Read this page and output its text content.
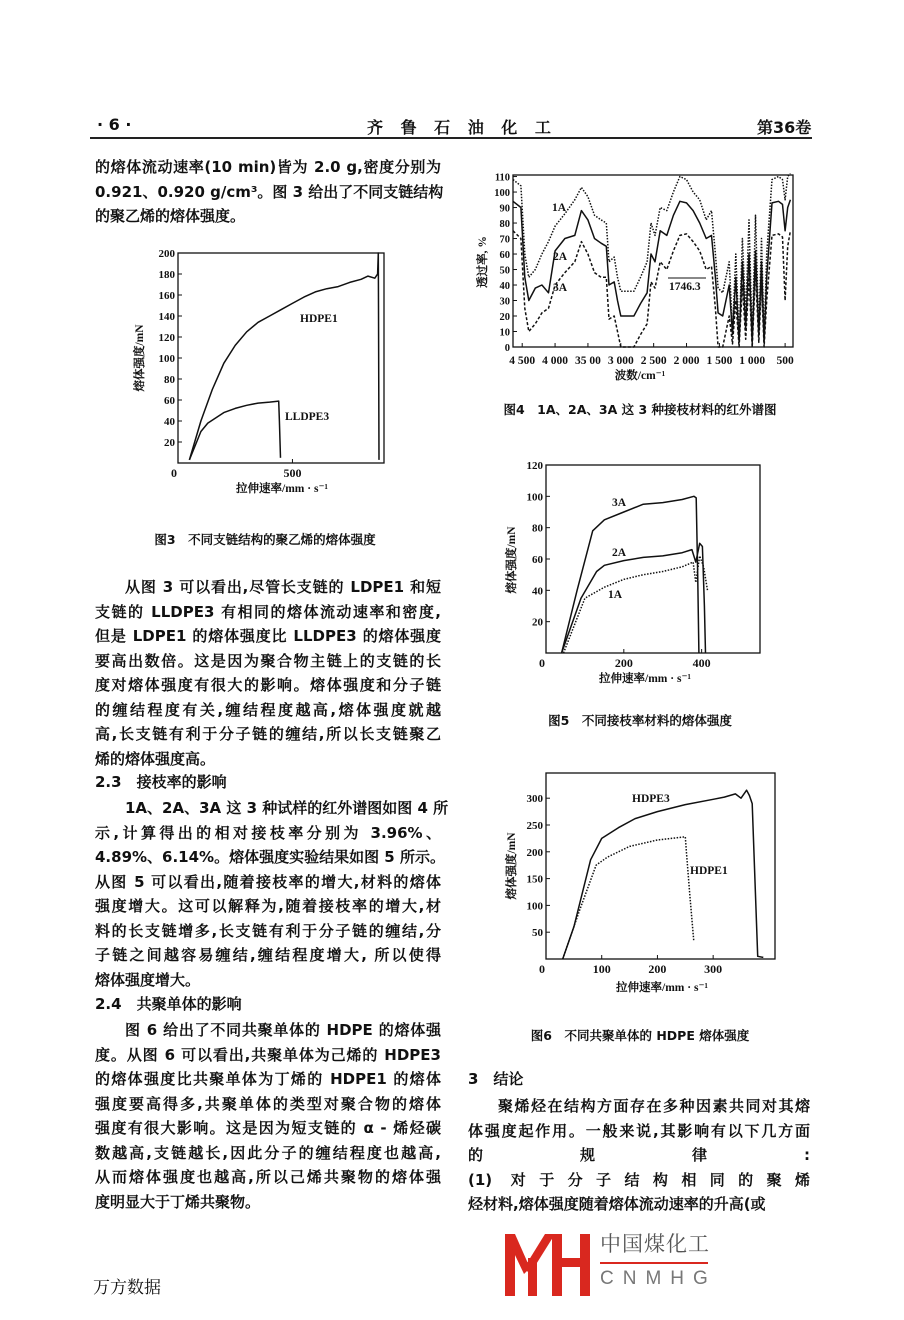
· 6 ·	齐 鲁 石 油 化 工	第36卷
的熔体流动速率(10 min)皆为 2.0 g,密度分别为
0.921、0.920 g/cm³。图 3 给出了不同支链结构
的聚乙烯的熔体强度。
从图 3 可以看出,尽管长支链的 LDPE1 和短
支链的 LLDPE3 有相同的熔体流动速率和密度,
但是 LDPE1 的熔体强度比 LLDPE3 的熔体强度
要高出数倍。这是因为聚合物主链上的支链的长
度对熔体强度有很大的影响。熔体强度和分子链
的缠结程度有关,缠结程度越高,熔体强度就越
高,长支链有利于分子链的缠结,所以长支链聚乙
烯的熔体强度高。
2.3　接枝率的影响
1A、2A、3A 这 3 种试样的红外谱图如图 4 所
示,计算得出的相对接枝率分别为 3.96%、
4.89%、6.14%。熔体强度实验结果如图 5 所示。
从图 5 可以看出,随着接枝率的增大,材料的熔体
强度增大。这可以解释为,随着接枝率的增大,材
料的长支链增多,长支链有利于分子链的缠结,分
子链之间越容易缠结,缠结程度增大, 所以使得
熔体强度增大。
2.4　共聚单体的影响
图 6 给出了不同共聚单体的 HDPE 的熔体强
度。从图 6 可以看出,共聚单体为己烯的 HDPE3
的熔体强度比共聚单体为丁烯的 HDPE1 的熔体
强度要高得多,共聚单体的类型对聚合物的熔体
强度有很大影响。这是因为短支链的 α - 烯烃碳
数越高,支链越长,因此分子的缠结程度也越高,
从而熔体强度也越高,所以己烯共聚物的熔体强
度明显大于丁烯共聚物。
3　结论
聚烯烃在结构方面存在多种因素共同对其熔
体强度起作用。一般来说,其影响有以下几方面
的规律:
(1) 对于分子结构相同的聚烯
烃材料,熔体强度随着熔体流动速率的升高(或
图3　不同支链结构的聚乙烯的熔体强度
图4　1A、2A、3A 这 3 种接枝材料的红外谱图
图5　不同接枝率材料的熔体强度
图6　不同共聚单体的 HDPE 熔体强度
20
40
60
80
100
120
140
160
180
200
0	500
拉伸速率/mm · s⁻¹
熔体强度/mN
HDPE1
LLDPE3
0
10
20
30
40
50
60
70
80
90
100
110
4 500 4 000 35 00 3 000 2 500 2 000 1 500 1 000 500
波数/cm⁻¹
透过率, %
1A
2A
3A	1746.3
20
40
60
80
100
120
0	200	400
拉伸速率/mm · s⁻¹
熔体强度/mN
3A
2A
1A
50
100
150
200
250
300
0	100	200	300
拉伸速率/mm · s⁻¹
熔体强度/mN
HDPE3
HDPE1
中国煤化工
CNMHG
万方数据
